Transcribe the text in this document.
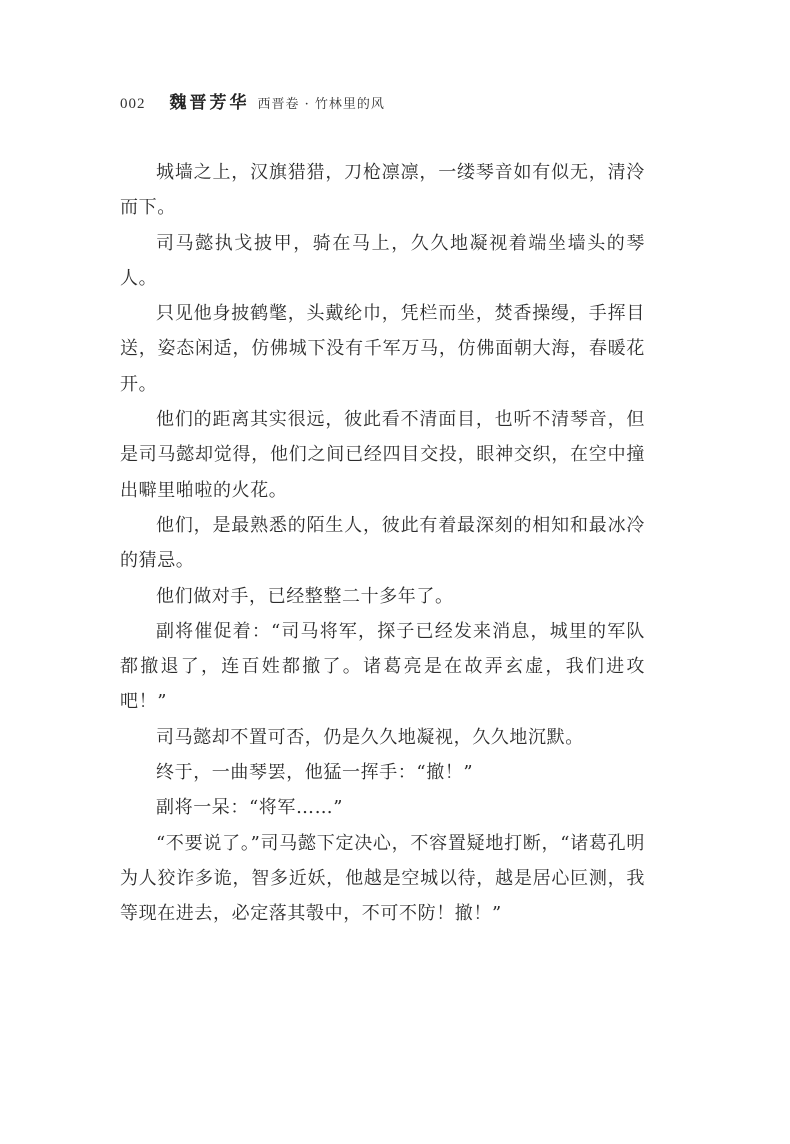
002 魏晋芳华 西晋卷 · 竹林里的风

城墙之上，汉旗猎猎，刀枪凛凛，一缕琴音如有似无，清泠而下。

司马懿执戈披甲，骑在马上，久久地凝视着端坐墙头的琴人。

只见他身披鹤氅，头戴纶巾，凭栏而坐，焚香操缦，手挥目送，姿态闲适，仿佛城下没有千军万马，仿佛面朝大海，春暖花开。

他们的距离其实很远，彼此看不清面目，也听不清琴音，但是司马懿却觉得，他们之间已经四目交投，眼神交织，在空中撞出噼里啪啦的火花。

他们，是最熟悉的陌生人，彼此有着最深刻的相知和最冰冷的猜忌。

他们做对手，已经整整二十多年了。

副将催促着：“司马将军，探子已经发来消息，城里的军队都撤退了，连百姓都撤了。诸葛亮是在故弄玄虚，我们进攻吧！”

司马懿却不置可否，仍是久久地凝视，久久地沉默。

终于，一曲琴罢，他猛一挥手：“撤！”

副将一呆：“将军……”

“不要说了。”司马懿下定决心，不容置疑地打断，“诸葛孔明为人狡诈多诡，智多近妖，他越是空城以待，越是居心叵测，我等现在进去，必定落其彀中，不可不防！撤！”
